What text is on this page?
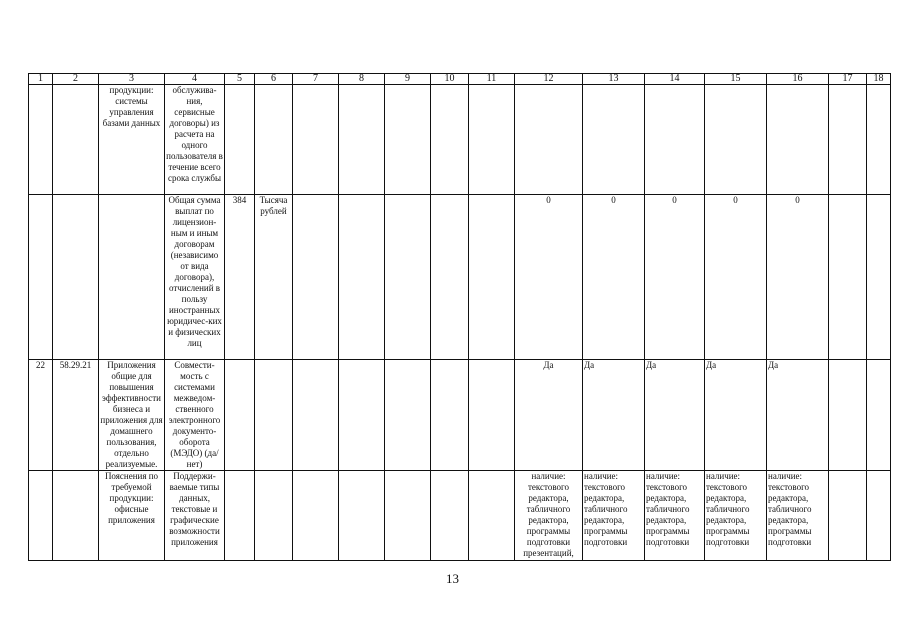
1	2	3	4	5	6	7	8	9	10	11	12	13	14	15	16	17	18
		продукции: системы управления базами данных	обслужива-ния, сервисные договоры) из расчета на одного пользователя в течение всего срока службы														
			Общая сумма выплат по лицензион-ным и иным договорам (независимо от вида договора), отчислений в пользу иностранных юридичес-ких и физических лиц	384	Тысяча рублей						0	0	0	0	0		
22	58.29.21	Приложения общие для повышения эффективности бизнеса и приложения для домашнего пользования, отдельно реализуемые.	Совмести-мость с системами межведом-ственного электронного документо-оборота (МЭДО) (да/нет)								Да	Да	Да	Да	Да		
		Пояснения по требуемой продукции: офисные приложения	Поддержи-ваемые типы данных, текстовые и графические возможности приложения								наличие: текстового редактора, табличного редактора, программы подготовки презентаций,	наличие: текстового редактора, табличного редактора, программы подготовки	наличие: текстового редактора, табличного редактора, программы подготовки	наличие: текстового редактора, табличного редактора, программы подготовки	наличие: текстового редактора, табличного редактора, программы подготовки		
13
